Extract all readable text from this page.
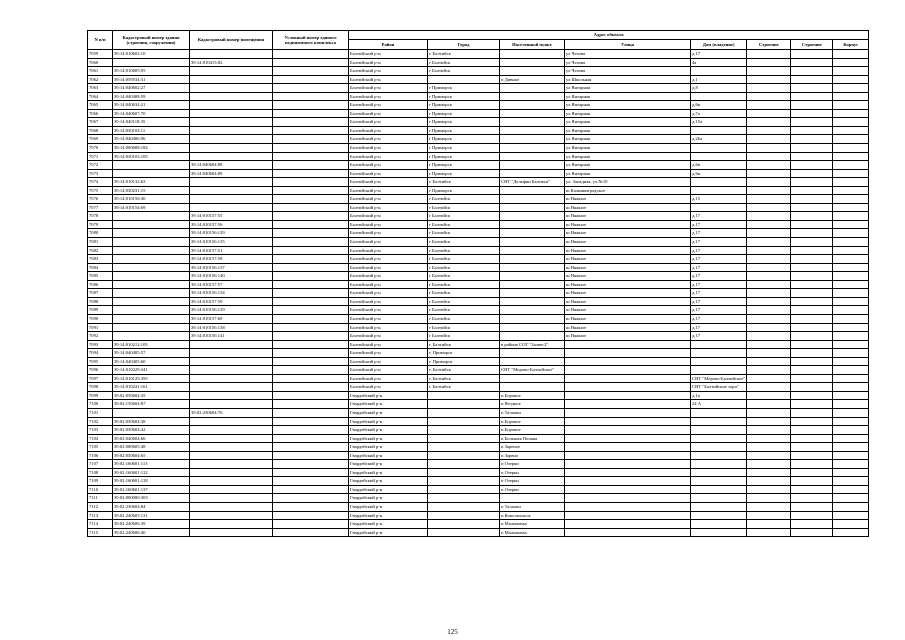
N п/п	Кадастровый номер здания (строения, сооружения)	Кадастровый номер помещения	Условный номер единого недвижимого комплекса	Адрес объекта							
				Район	Город	Населенный пункт	Улица	Дом (владение)	Строение	Строение	Корпус
7059	39:14:010602:10			Балтийский р-н	г. Балтийск		ул Чехова	д.17			
7060		39:14:010415:82		Балтийский р-н	г Балтийск		ул Чехова	4а			
7061	39:14:010605:95			Балтийский р-н	г Балтийск		ул Чехова				
7062	39:14:059534:31			Балтийский р-н		п Дивное	ул Школьная	д.1			
7063	39:14:040602:27			Балтийский р-н	г Приморск		ул Янтарная	д.8			
7064	39:14:040408:59			Балтийский р-н	г Приморск		ул Янтарная				
7065	39:14:040634:21			Балтийский р-н	г Приморск		ул Янтарная	д.6в			
7066	39:14:040607:70			Балтийский р-н	г Приморск		ул Янтарная	д.7а			
7067	39:14:040118:35			Балтийский р-н	г Приморск		ул Янтарная	д.15а			
7068	39:14:030104:11			Балтийский р-н	г Приморск		ул Янтарная				
7069	39:14:040406:96			Балтийский р-н	г Приморск		ул Янтарная	д.26а			
7070	39:14:000608:182			Балтийский р-н	г Приморск		ул Янтарная				
7071	39:14:030103:105			Балтийский р-н	г Приморск		ул Янтарная				
7072		39:14:040604:88		Балтийский р-н	г Приморск		ул Янтарная	д.6в			
7073		39:14:040604:89		Балтийский р-н	г Приморск		ул Янтарная	д.6в			
7074	39:14:010132:63			Балтийский р-н	г. Балтийск	СНТ "Дельфин Балтики"	ул. Западная, уч.№10				
7075	39:14:030231:15			Балтийский р-н	г Приморск		ш Калининградское				
7076	39:14:010156:30			Балтийский р-н	г Балтийск		ш Няжное	д.15			
7077	39:14:010154:69			Балтийский р-н	г Балтийск		ш Няжное				
7078		39:14:010157:55		Балтийский р-н	г Балтийск		ш Няжное	д.17			
7079		39:14:010157:56		Балтийский р-н	г Балтийск		ш Няжное	д.17			
7080		39:14:010156:129		Балтийский р-н	г Балтийск		ш Няжное	д.17			
7081		39:14:010156:135		Балтийский р-н	г Балтийск		ш Няжное	д.17			
7082		39:14:010157:51		Балтийский р-н	г Балтийск		ш Няжное	д.17			
7083		39:14:010157:58		Балтийский р-н	г Балтийск		ш Няжное	д.17			
7084		39:14:010156:137		Балтийский р-н	г Балтийск		ш Няжное	д.17			
7085		39:14:010156:140		Балтийский р-н	г Балтийск		ш Няжное	д.17			
7086		39:14:010157:57		Балтийский р-н	г Балтийск		ш Няжное	д.17			
7087		39:14:010156:134		Балтийский р-н	г Балтийск		ш Няжное	д.17			
7088		39:14:010157:59		Балтийский р-н	г Балтийск		ш Няжное	д.17			
7089		39:14:010156:129		Балтийский р-н	г Балтийск		ш Няжное	д.17			
7090		39:14:010157:60		Балтийский р-н	г Балтийск		ш Няжное	д.17			
7091		39:14:010156:138		Балтийский р-н	г Балтийск		ш Няжное	д.17			
7092		39:14:010156:141		Балтийский р-н	г Балтийск		ш Няжное	д.17			
7093	39:14:010212:105			Балтийский р-н	г. Балтийск	в районе СОТ "Залив-2"					
7094	39:14:040405:57			Балтийский р-н	г. Приморск						
7095	39:14:040405:60			Балтийский р-н	г. Приморск						
7096	39:14:010229:341			Балтийский р-н	г. Балтийск	СНТ "Морово-Балтийское"					
7097	39:14:010125:395			Балтийский р-н	г. Балтийск			СНТ "Морово-Балтийское"			
7098	39:14:010241:161			Балтийский р-н	г. Балтийск			СНТ "Балтийские зори"			
7099	39:02:050604:35			Гвардейский р-н		п Боровое		д.1а			
7100	39:02:150604:87			Гвардейский р-н		п Ягодное		24 А			
7101		39:02:230604:76		Гвардейский р-н		п Талпаки					
7102	39:02:050604:38			Гвардейский р-н		п Боровое					
7103	39:02:050604:42			Гвардейский р-н		п Боровое					
7104	39:02:040604:66			Гвардейский р-н		п Большая Поляна					
7105	39:02:080605:48			Гвардейский р-н		п Зареное					
7106	39:02:050604:65			Гвардейский р-н		п Зарено					
7107	39:02:160601:113			Гвардейский р-н		п Озерки					
7108	39:02:160601:122			Гвардейский р-н		п Озерки					
7109	39:02:160601:128			Гвардейский р-н		п Озерки					
7110	39:02:160601:137			Гвардейский р-н		п Озерки					
7111	39:02:000000:303			Гвардейский р-н							
7112	39:02:230604:84			Гвардейский р-н		п Талпаки					
7113	39:02:240605:131			Гвардейский р-н		п Комсомольск					
7114	39:02:240606:39			Гвардейский р-н		п Малиновка					
7115	39:02:240606:40			Гвардейский р-н		п Малиновка					
125
